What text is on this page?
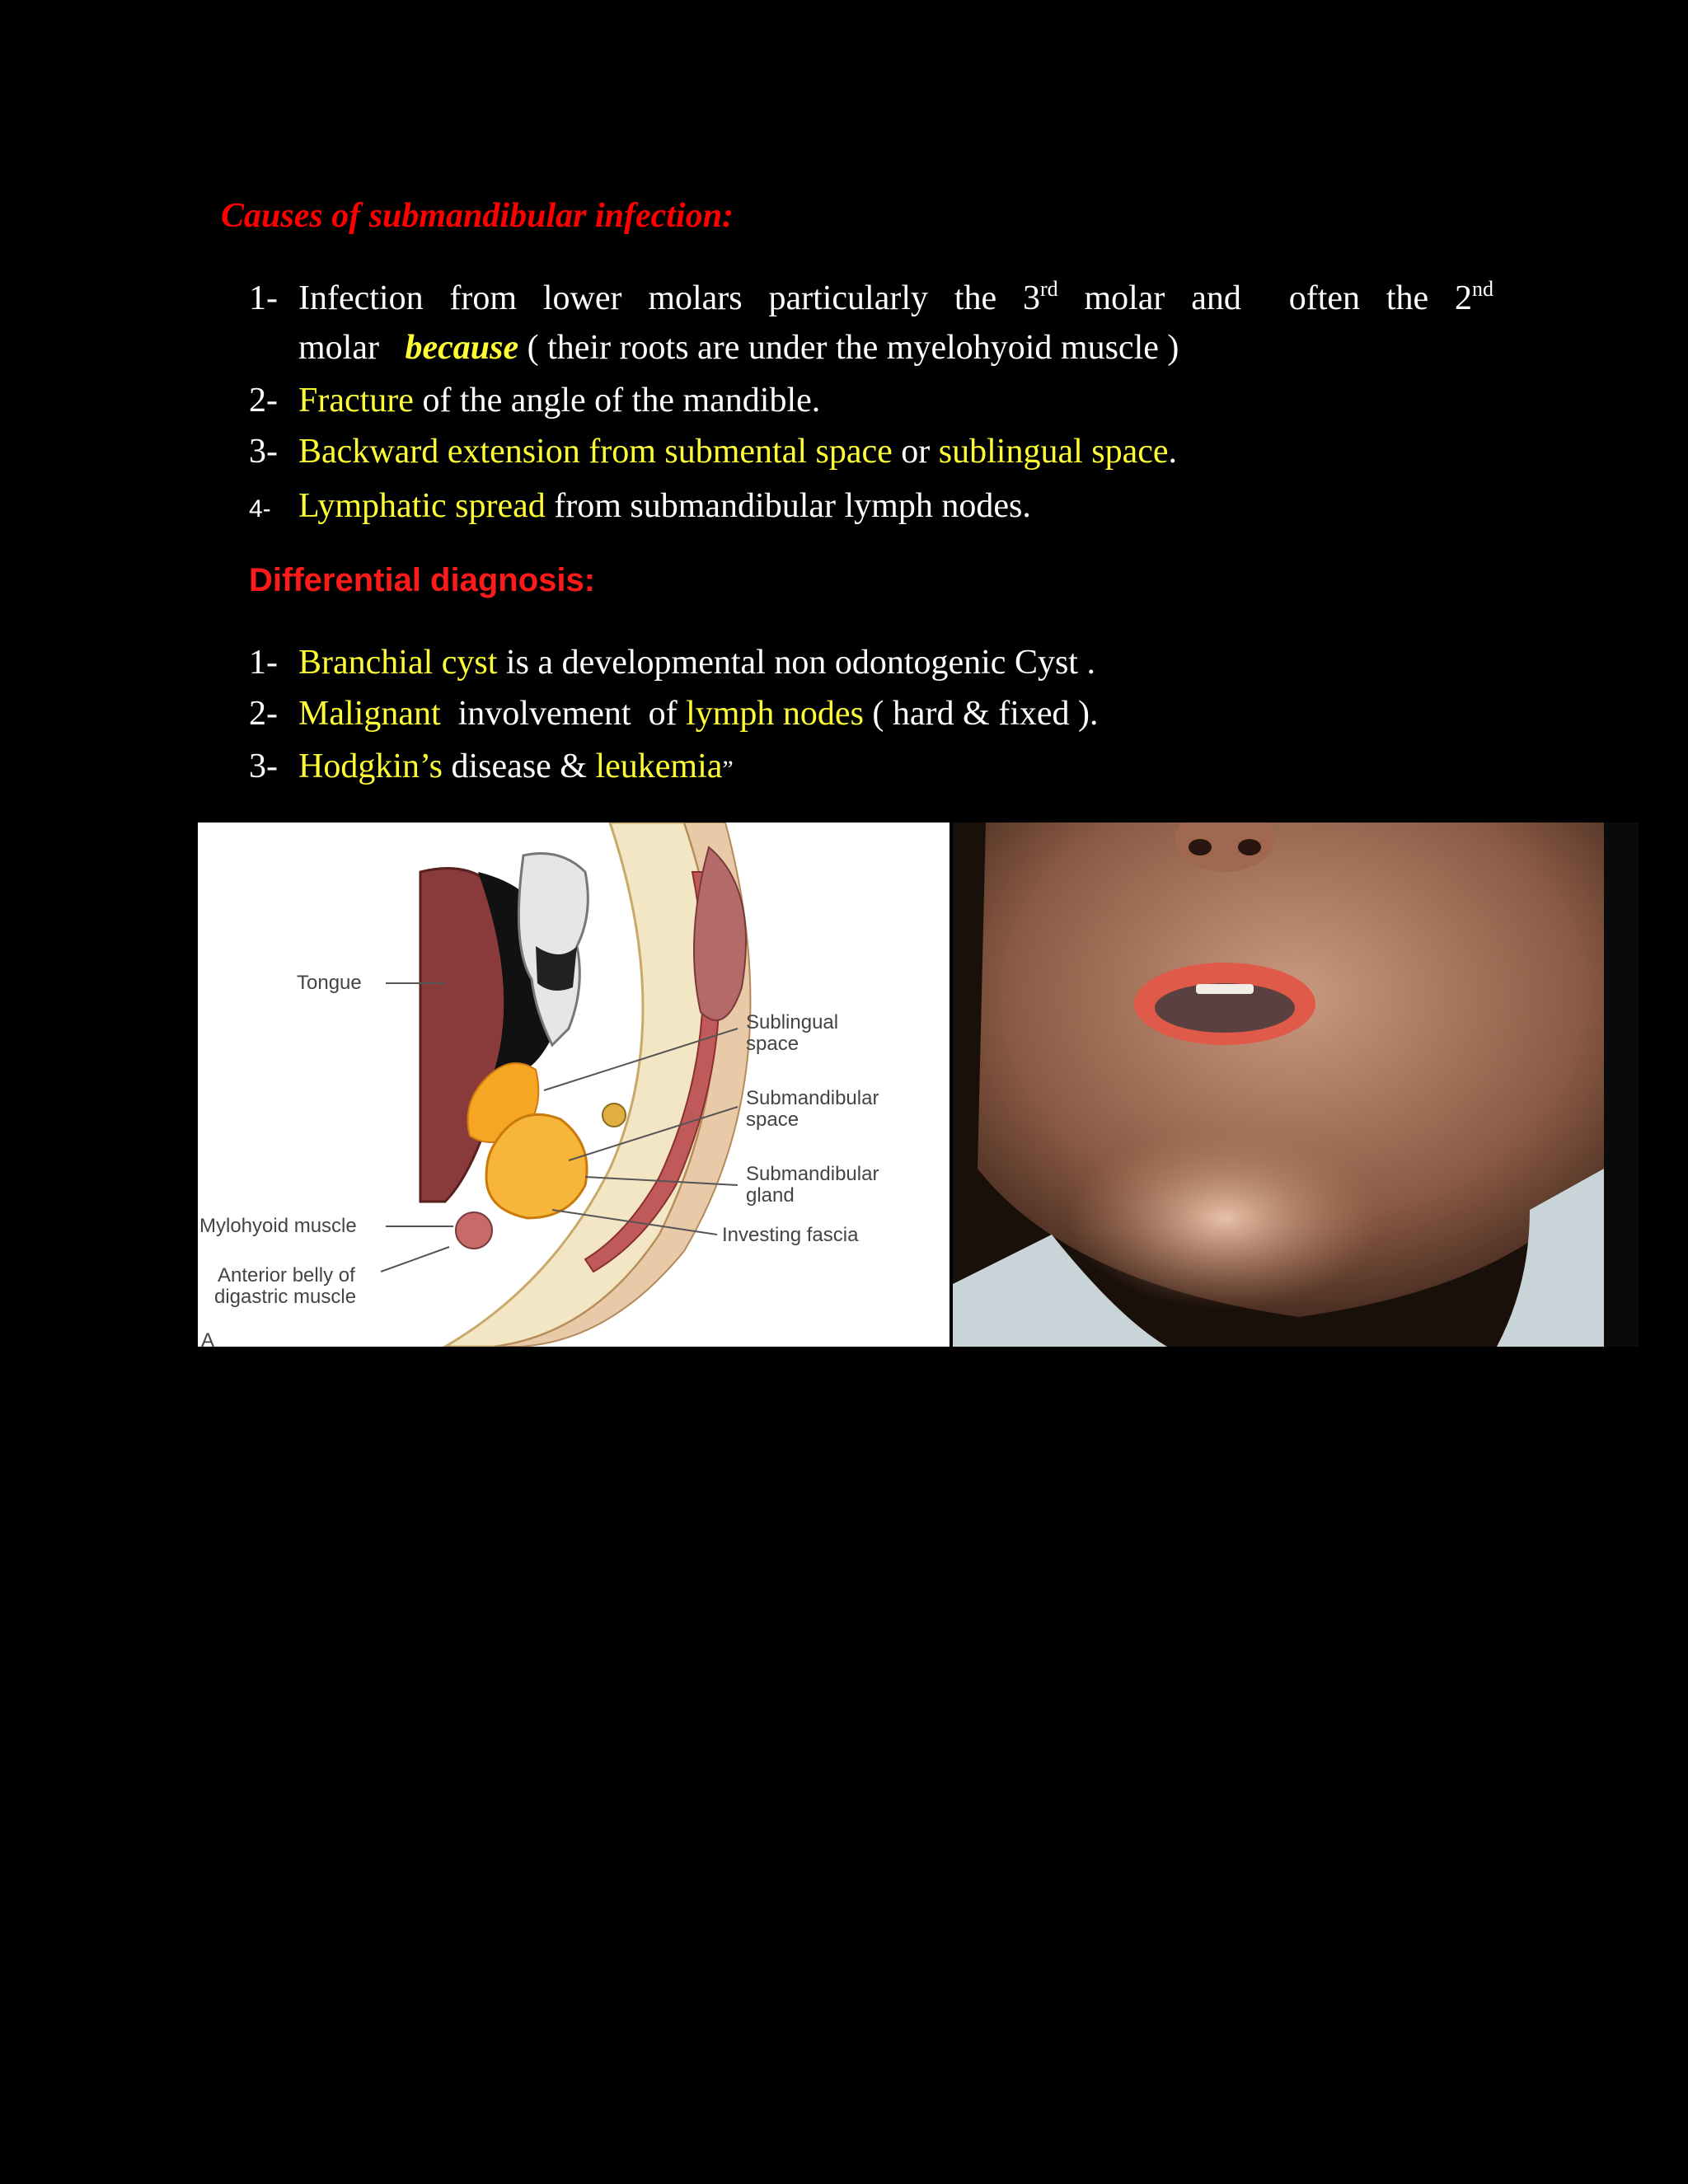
Causes of submandibular infection:
1- Infection from lower molars particularly the 3rd molar and often the 2nd
molar because ( their roots are under the myelohyoid muscle )
2- Fracture of the angle of the mandible.
3- Backward extension from submental space or sublingual space.
4- Lymphatic spread from submandibular lymph nodes.
Differential diagnosis:
1- Branchial cyst is a developmental non odontogenic Cyst .
2- Malignant  involvement  of lymph nodes ( hard & fixed ).
3- Hodgkin’s disease & leukemia”
Tongue
Sublingual
space
Submandibular
space
Submandibular
gland
Investing fascia
Mylohyoid muscle
Anterior belly of
digastric muscle
A
